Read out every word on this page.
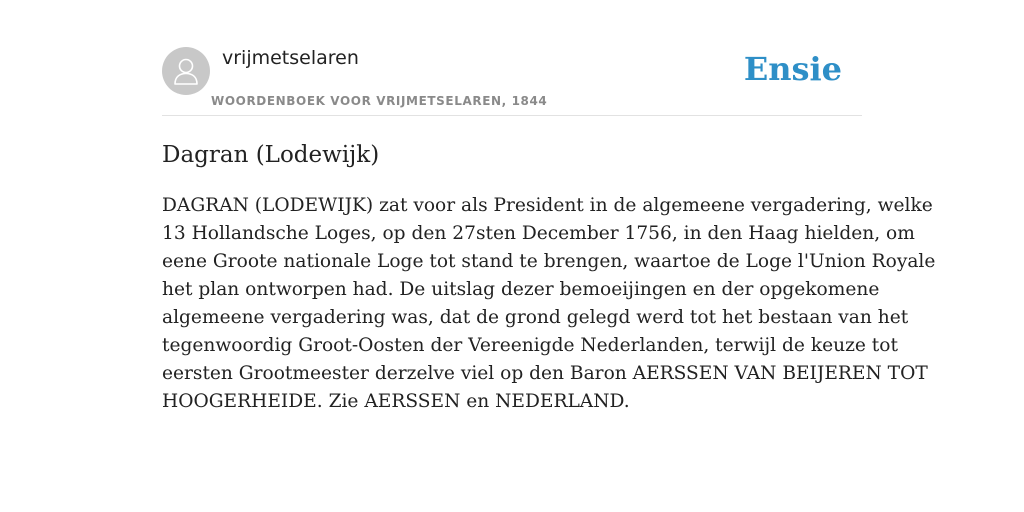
vrijmetselaren
WOORDENBOEK VOOR VRIJMETSELAREN, 1844
Ensie
Dagran (Lodewijk)
DAGRAN (LODEWIJK) zat voor als President in de algemeene vergadering, welke
13 Hollandsche Loges, op den 27sten December 1756, in den Haag hielden, om
eene Groote nationale Loge tot stand te brengen, waartoe de Loge l'Union Royale
het plan ontworpen had. De uitslag dezer bemoeijingen en der opgekomene
algemeene vergadering was, dat de grond gelegd werd tot het bestaan van het
tegenwoordig Groot-Oosten der Vereenigde Nederlanden, terwijl de keuze tot
eersten Grootmeester derzelve viel op den Baron AERSSEN VAN BEIJEREN TOT
HOOGERHEIDE. Zie AERSSEN en NEDERLAND.
